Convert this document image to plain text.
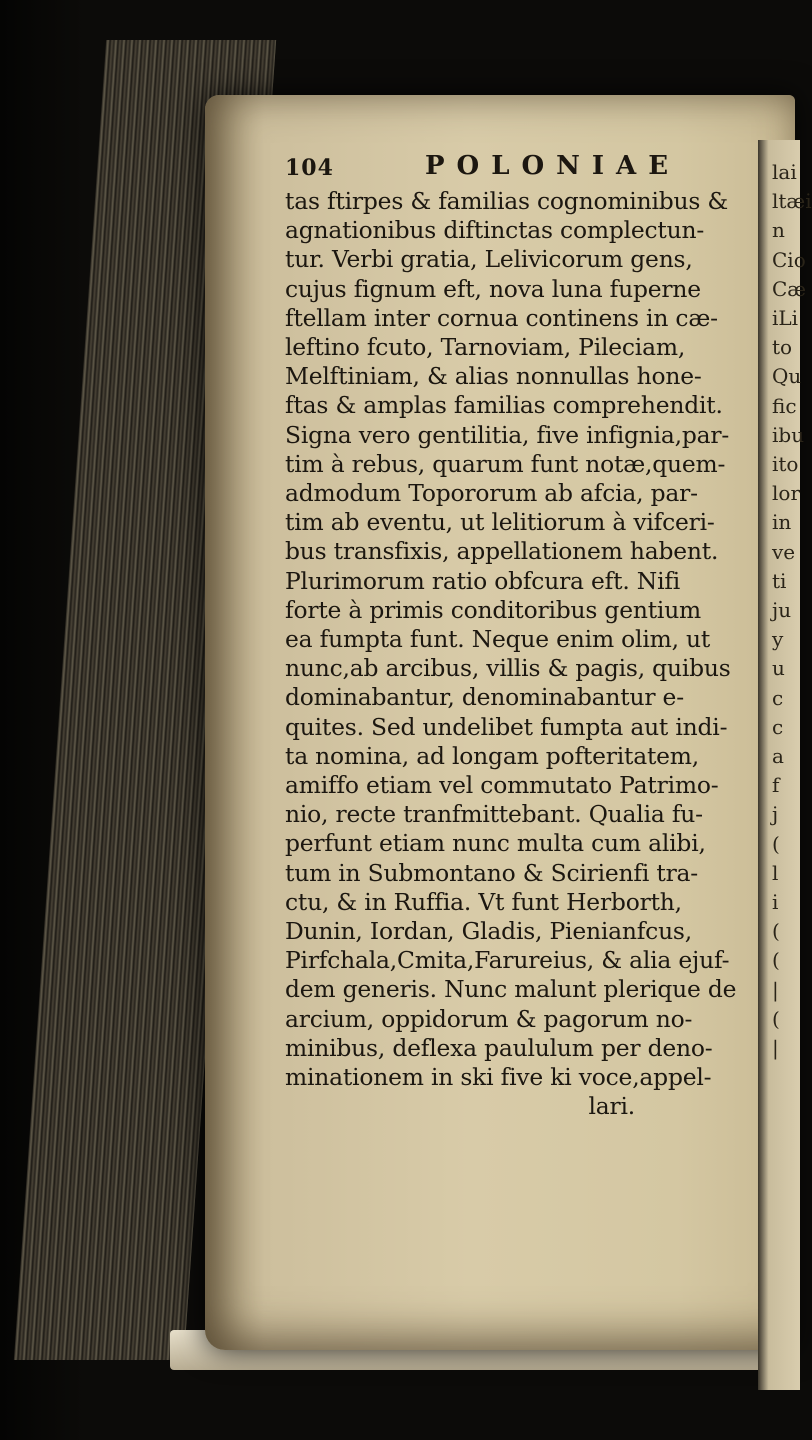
lai
ltæi
n
Cio
Cæ
iLi
to
Qu
fic
ibu
ito
lor
in
ve
ti
ju
y
u
c
c
a
f
j
(
l
i
(
(
|
(
|
104	POLONIAE
tas ftirpes & familias cognominibus &
agnationibus diftinctas complectun-
tur. Verbi gratia, Lelivicorum gens,
cujus fignum eft, nova luna fuperne
ftellam inter cornua continens in cæ-
leftino fcuto, Tarnoviam, Pileciam,
Melftiniam, & alias nonnullas hone-
ftas & amplas familias comprehendit.
Signa vero gentilitia, five infignia,par-
tim à rebus, quarum funt notæ,quem-
admodum Topororum ab afcia, par-
tim ab eventu, ut lelitiorum à vifceri-
bus transfixis, appellationem habent.
Plurimorum ratio obfcura eft. Nifi
forte à primis conditoribus gentium
ea fumpta funt. Neque enim olim, ut
nunc,ab arcibus, villis & pagis, quibus
dominabantur, denominabantur e-
quites. Sed undelibet fumpta aut indi-
ta nomina, ad longam pofteritatem,
amiffo etiam vel commutato Patrimo-
nio, recte tranfmittebant. Qualia fu-
perfunt etiam nunc multa cum alibi,
tum in Submontano & Scirienfi tra-
ctu, & in Ruffia. Vt funt Herborth,
Dunin, Iordan, Gladis, Pienianfcus,
Pirfchala,Cmita,Farureius, & alia ejuf-
dem generis. Nunc malunt plerique de
arcium, oppidorum & pagorum no-
minibus, deflexa paululum per deno-
minationem in ski five ki voce,appel-
lari.
